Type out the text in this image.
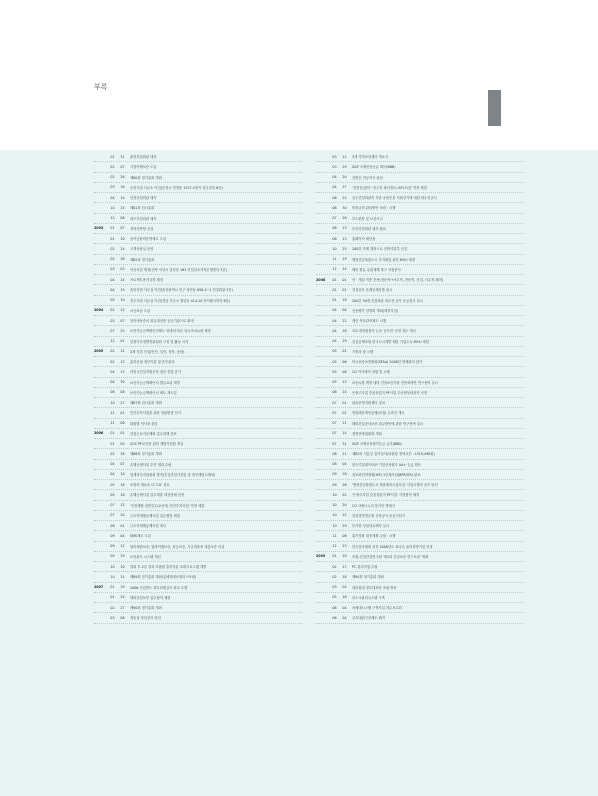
부록
01	31	춘천건설회관 매각
02	07	사업이행보증 도입
02	26	제80회 정기총회 개최
03	16	순천지점 사무소 이전(순천시 연향동 1317-1번지 청우빌딩 6층)
04	10	인천건설회관 매각
10	15	제81회 임시총회
12	06	대구건설회관 매각
2003	01	07	경영전략팀 신설
01	30	용자금탄력운영체도 도입
02	24	고객상담실 운영
02	28	제82회 정기총회
03	03	익산지점 계정(전북 익산시 갈산동 163 전일상호저축은행빌딩 3층)
04	14	프로젝트용자규정 제정
04	19	울산지점 사무실 이전(울산광역시 중구 성안동 658-4~1 건설회관 3층)
05	10	진주지점 사무실 이전(경남 진주시 칠암동 414-10 하이테크빌딩 6층)
2004	02	12	시공보증 도입
03	07	인터넷보증서 취급대상을 공공기관으로 확대
07	25	보증가능금액확인서제도 안내에 따른 일시조치요령 제정
12	01	중장기조정발전위원회 구성 및 활동 시작
2005	02	14	4개 지점 신설(안산, 일산, 성북, 동탄)
02	15	총자증권 정부이관 및 운부관리
04	13	하천국건설자원공헌 점산 종업 증가
04	30	보증가능금액확인서 발급요령 제정
08	08	보증가능금액확인서 제도 재도입
10	27	제87회 임시총회 개최
11	01	민간투자사업을 위한 정관변경 인가
11	06	회원별 이사장 취임
2006	01	01	건설근로자공제회 업무대행 종료
01	05	SOC PF보증을 위한 계발사업팀 개설
02	28	제88회 정기총회 개최
04	07	손해공제사업 추진 계획 수립
04	10	법개정추진위원회 발족(건설산업기본법 및 법인세법시행령)
05	18	조합의 새로운 CI 'CG' 선포
05	18	손해공제사업 업무재휴 대상법체 선정
07	12	'인천계량 일반부두(2선석) 민간투자사업' 약정 체결
07	20	근로자재해공제사업 업무협정 체결
08	01	근로자재해공제사업 개시
09	04	SMS제도 도입
09	12	합의체결보증, 합의이행보증, 성능보증, 기금대출용 대출보증 신설
09	29	보증관도 시스템 개선
10	30	밀워 후 2년 경과 조합원 출자지분 조회프로그램 개발
10	31	제89회 정기총회 개최(입체재정보험리스포럼)
2007	01	19	2006 사업연도 회부회계감사 최초 수행
01	29	해외건설보증 업무협약 체결
02	27	제90회 정기총회 개최
03	06	정동걸 상임감사 취임
03	12	3개 지역보상센터 개소식
03	29	S&P 국제신용등급 획득(BBB)
04	20	감면송 전무이사 취임
04	27	'경전선(함안~진주간 복선철도) BTL사업' 약정 체결
06	22	공무건설회관의 각종 공용부문 지원상가에 대한 대수선공사
06	30	비정규직 관리방안 마련 · 시행
07	26	부도편장 및 보증사고
08	13	부산건설회관 매각 완료
08	13	홈페이지 새단장
10	25	200건 직제 계정으로 전략사업부 신설
11	19	행정중심복합도시 부지매입 관련 MOU 체결
12	14	해안 원유 유출재해 복구 자원봉사
2008	01	01	신 · 개설 직종 운용(전문직→사무직, 전문직, 신설, 사무직 폐지)
01	01	건설공사 손해공제상품 출시
01	18	200건 39개 건설회관 대수선 공사 준공검사 실시
04	04	신용평가 설명회 개최(제경지점)
04	22	계인 목표관리제도 시행
04	28	'CG 대학원봉사 논문 공모전' 선정 정수 개시
04	29	건설공제조합-한국도시개발 해운 기업도시 MOU 체결
05	01	가정의 날 시행
05	06	미국보증보험협회(SFAA) 2008년 연례회의 참가
05	06	CG 아카데미 설립 및 시행
05	13	보증시장 개방 대비 건설보증기관 전문화방안 연구용역 실시
06	24	은광주사업 중심상업지 PF사업 우선협상대상자 선정
07	01	위치운영지원센터 설치
07	01	영업배상책임공제(보험) 온라인 개시
07	11	해외건설공사보증 취급방안에 관한 연구용역 실시
07	14	경영전략위원회 개최
07	31	S&P 국제신용평가등급 유지(BBB)
08	21	제83차 지분공 총자상사(의원장 정혁교부 : L319,490원)
08	04	한국기업데이터㈜ 기업신용평가 AA+ 등급 획득
09	16	정보화전략계획(ISP) 1단계사업(BPR/ITA) 완료
09	26	'행정중심복합도시 복합체육시설사업' 사업시행자 공모 당선
10	02	'은광주사업 중심상업지 PF사업' 사업협약 체결
10	20	CG 사랑나누리 봉사단 발대식
10	22	건설경영연수원 증축공사 준공기념식
10	29	부사항 사업상교재가 실시
11	06	위기상황 대응계획 수립 · 시행
12	23	한국감사협회 선정 2008년도 최우수 윤리경영기업 선정
2009	01	20	조합-건설산업연구원 '제1회 건설보증 연구포럼' 개최
02	17	PC 관리지침 수립
02	18	제94회 정기총회 개최
03	04	대의원대 정부대표단 조합 방문
05	16	리스크관리시스템 구축
06	04	차세대시스템 구축사업 착수보고회
06	04	유자대위구상제도 폐지
